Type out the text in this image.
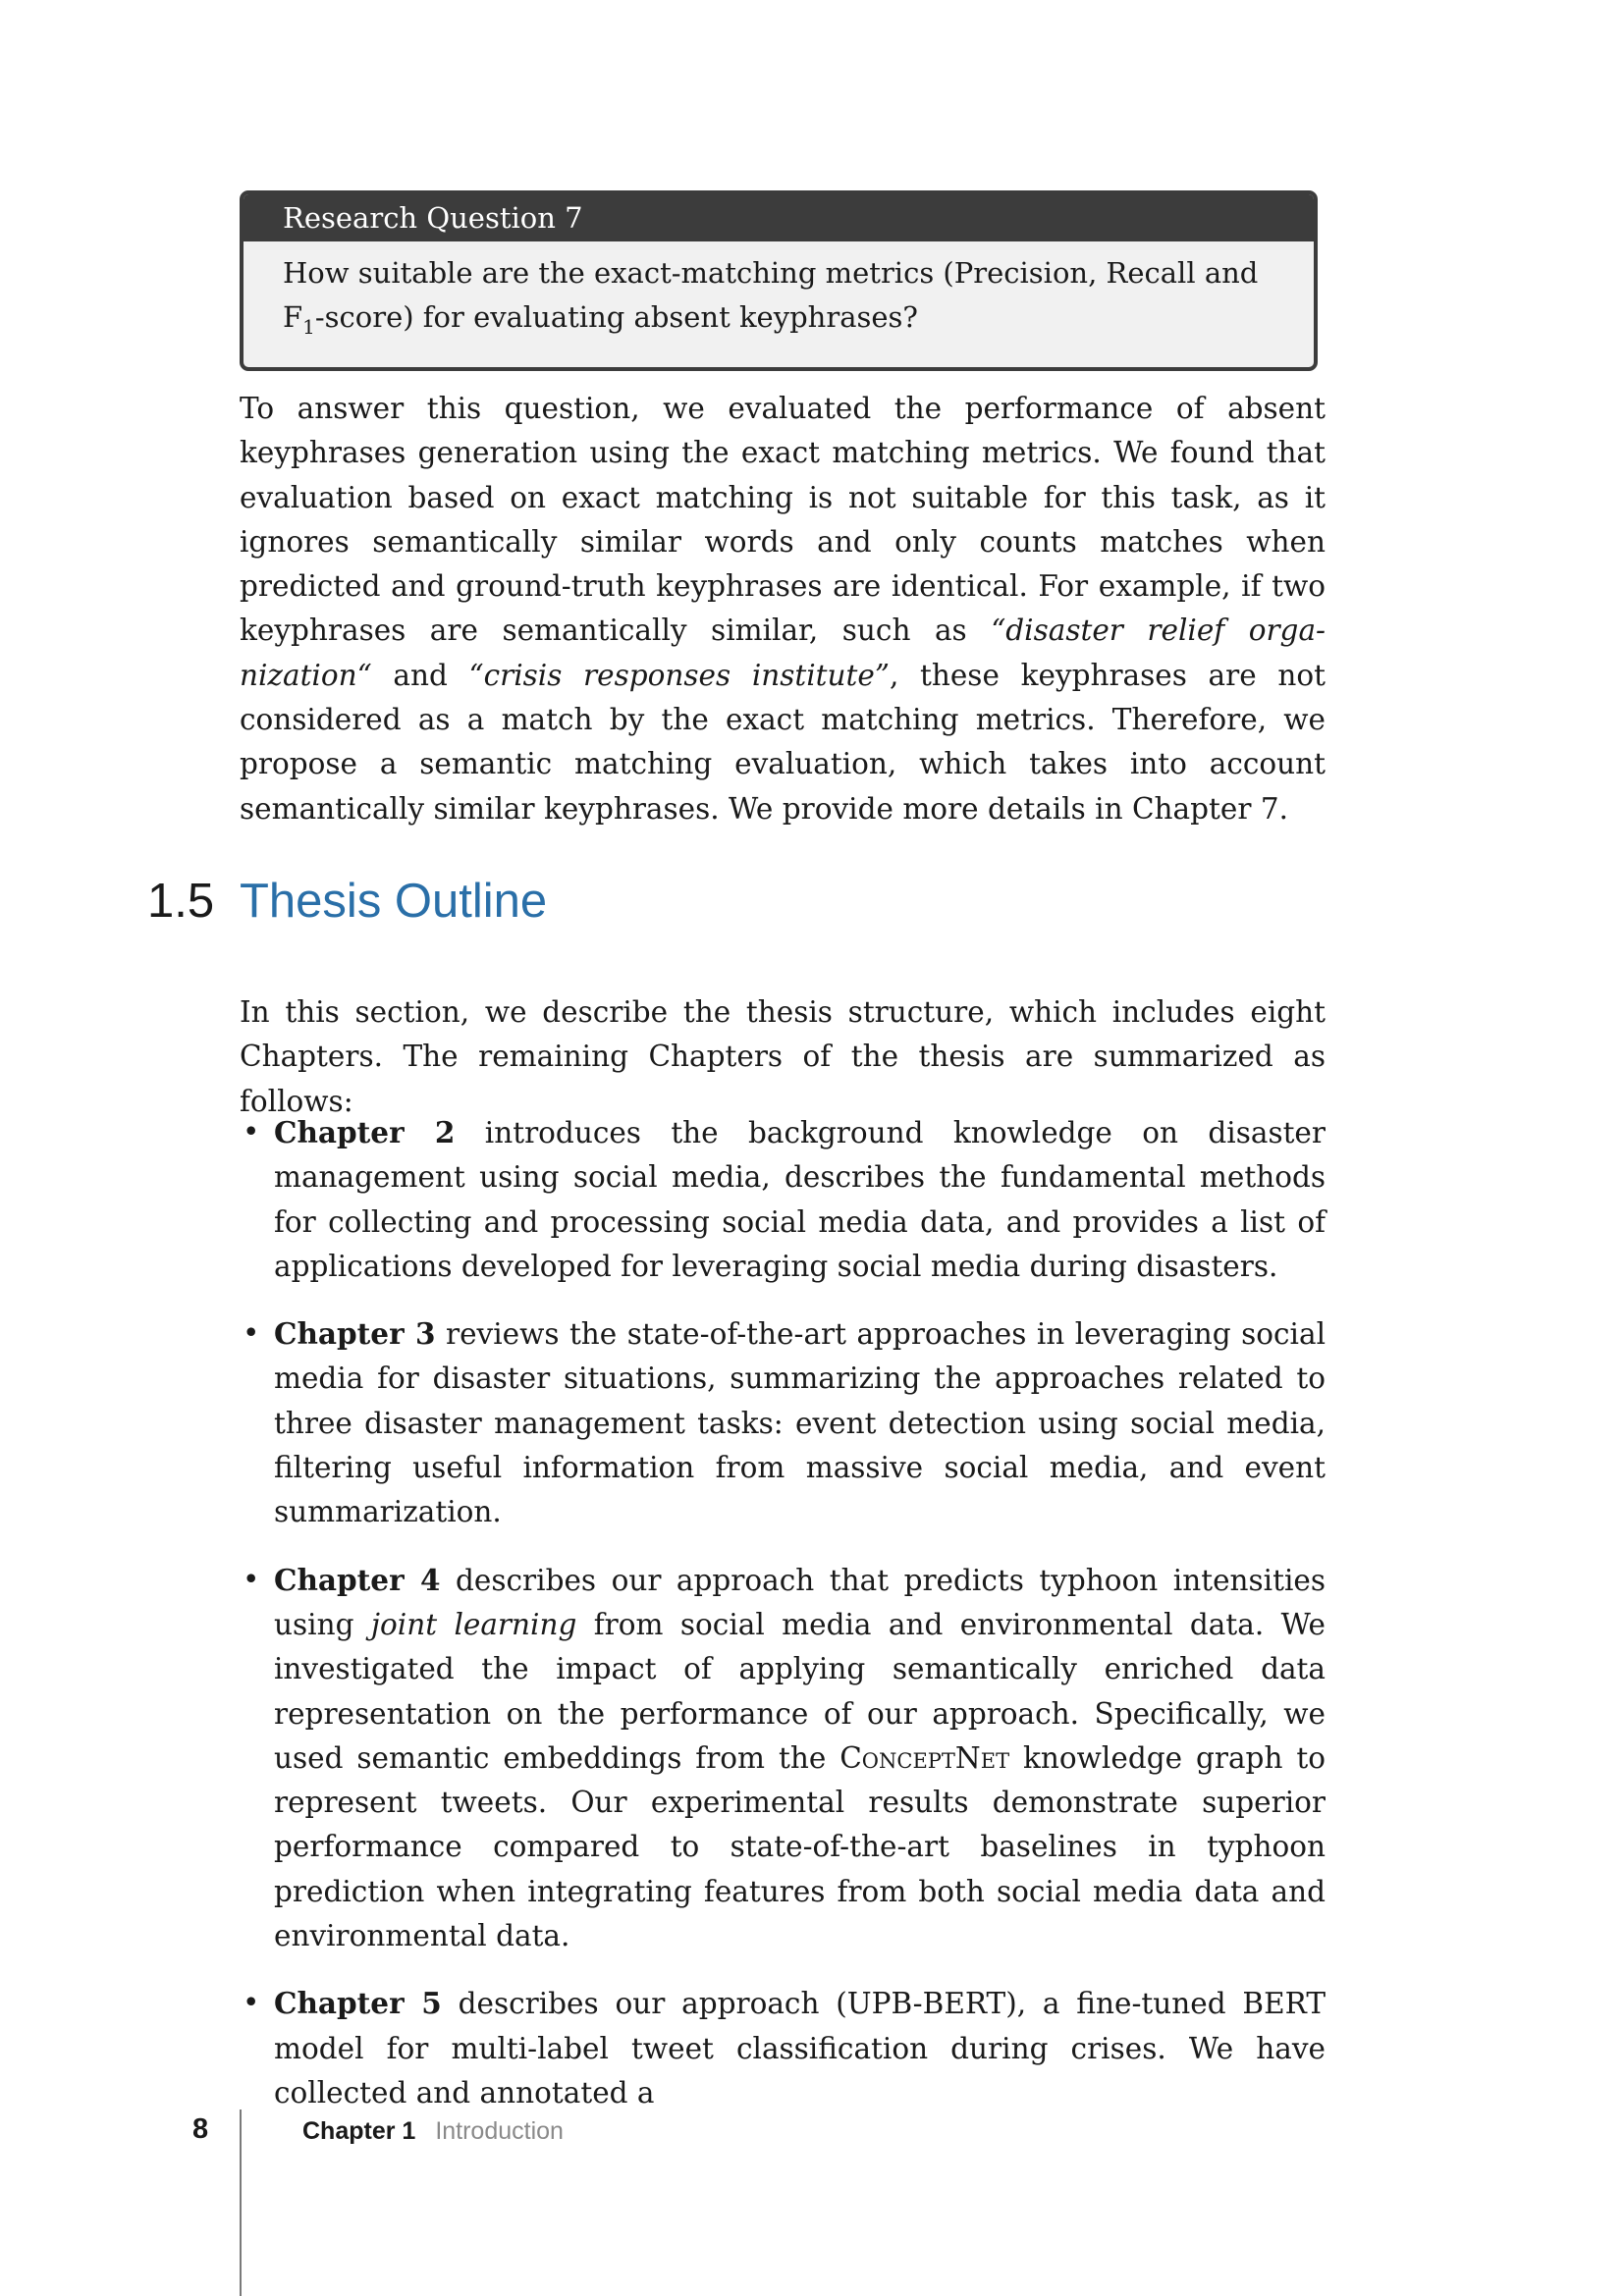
Research Question 7
How suitable are the exact-matching metrics (Precision, Recall and $F_1-score$) for evaluating absent keyphrases?

To answer this question, we evaluated the performance of absent keyphrases generation using the exact matching metrics. We found that evaluation based on exact matching is not suitable for this task, as it ignores semantically similar words and only counts matches when predicted and ground-truth keyphrases are identical. For example, if two keyphrases are semantically similar, such as “disaster relief organization“ and “crisis responses institute”, these keyphrases are not considered as a match by the exact matching metrics. Therefore, we propose a semantic matching evaluation, which takes into account semantically similar keyphrases. We provide more details in Chapter 7.

1.5 Thesis Outline

In this section, we describe the thesis structure, which includes eight Chapters. The remaining Chapters of the thesis are summarized as follows:

• Chapter 2 introduces the background knowledge on disaster management using social media, describes the fundamental methods for collecting and processing social media data, and provides a list of applications developed for leveraging social media during disasters.
• Chapter 3 reviews the state-of-the-art approaches in leveraging social media for disaster situations, summarizing the approaches related to three disaster management tasks: event detection using social media, filtering useful information from massive social media, and event summarization.
• Chapter 4 describes our approach that predicts typhoon intensities using joint learning from social media and environmental data. We investigated the impact of applying semantically enriched data representation on the performance of our approach. Specifically, we used semantic embeddings from the ConceptNet knowledge graph to represent tweets. Our experimental results demonstrate superior performance compared to state-of-the-art baselines in typhoon prediction when integrating features from both social media data and environmental data.
• Chapter 5 describes our approach (UPB-BERT), a fine-tuned BERT model for multi-label tweet classification during crises. We have collected and annotated a
8	Chapter 1 Introduction
